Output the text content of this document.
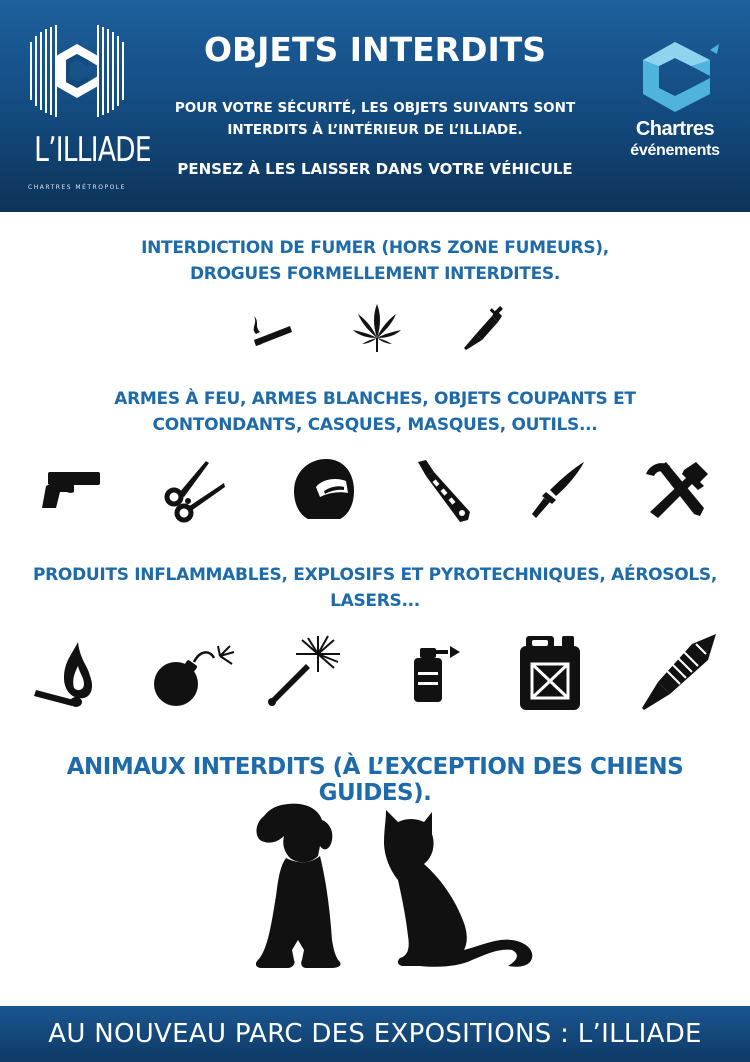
L’ILLIADE
CHARTRES MÉTROPOLE
OBJETS INTERDITS
POUR VOTRE SÉCURITÉ, LES OBJETS SUIVANTS SONT
INTERDITS À L’INTÉRIEUR DE L’ILLIADE.
PENSEZ À LES LAISSER DANS VOTRE VÉHICULE
Chartres
événements
INTERDICTION DE FUMER (HORS ZONE FUMEURS),
DROGUES FORMELLEMENT INTERDITES.
ARMES À FEU, ARMES BLANCHES, OBJETS COUPANTS ET
CONTONDANTS, CASQUES, MASQUES, OUTILS...
PRODUITS INFLAMMABLES, EXPLOSIFS ET PYROTECHNIQUES, AÉROSOLS,
LASERS...
ANIMAUX INTERDITS (À L’EXCEPTION DES CHIENS GUIDES).
AU NOUVEAU PARC DES EXPOSITIONS : L’ILLIADE
